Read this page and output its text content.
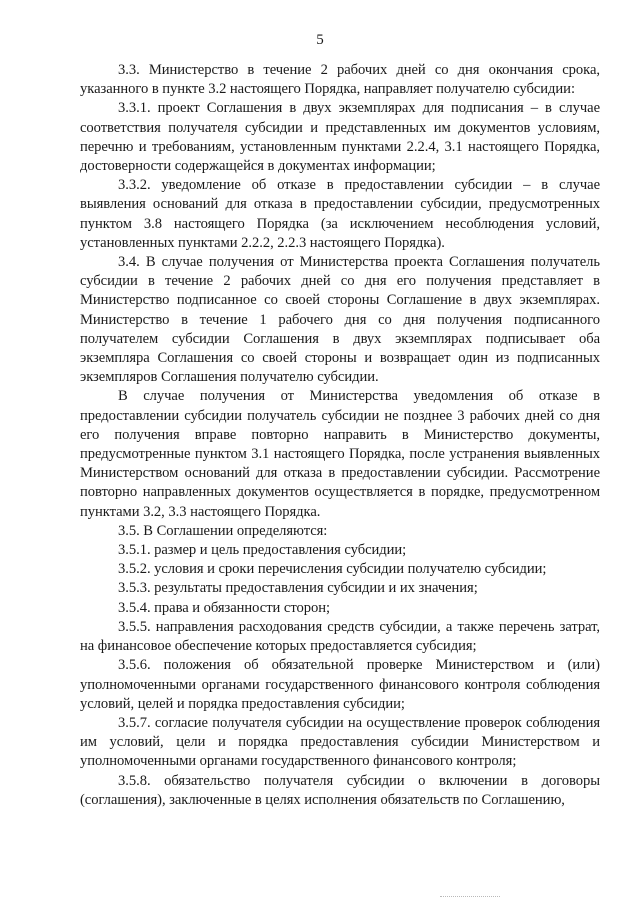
5

3.3. Министерство в течение 2 рабочих дней со дня окончания срока, указанного в пункте 3.2 настоящего Порядка, направляет получателю субсидии:

3.3.1. проект Соглашения в двух экземплярах для подписания – в случае соответствия получателя субсидии и представленных им документов условиям, перечню и требованиям, установленным пунктами 2.2.4, 3.1 настоящего Порядка, достоверности содержащейся в документах информации;

3.3.2. уведомление об отказе в предоставлении субсидии – в случае выявления оснований для отказа в предоставлении субсидии, предусмотренных пунктом 3.8 настоящего Порядка (за исключением несоблюдения условий, установленных пунктами 2.2.2, 2.2.3 настоящего Порядка).

3.4. В случае получения от Министерства проекта Соглашения получатель субсидии в течение 2 рабочих дней со дня его получения представляет в Министерство подписанное со своей стороны Соглашение в двух экземплярах. Министерство в течение 1 рабочего дня со дня получения подписанного получателем субсидии Соглашения в двух экземплярах подписывает оба экземпляра Соглашения со своей стороны и возвращает один из подписанных экземпляров Соглашения получателю субсидии.

В случае получения от Министерства уведомления об отказе в предоставлении субсидии получатель субсидии не позднее 3 рабочих дней со дня его получения вправе повторно направить в Министерство документы, предусмотренные пунктом 3.1 настоящего Порядка, после устранения выявленных Министерством оснований для отказа в предоставлении субсидии. Рассмотрение повторно направленных документов осуществляется в порядке, предусмотренном пунктами 3.2, 3.3 настоящего Порядка.

3.5. В Соглашении определяются:

3.5.1. размер и цель предоставления субсидии;

3.5.2. условия и сроки перечисления субсидии получателю субсидии;

3.5.3. результаты предоставления субсидии и их значения;

3.5.4. права и обязанности сторон;

3.5.5. направления расходования средств субсидии, а также перечень затрат, на финансовое обеспечение которых предоставляется субсидия;

3.5.6. положения об обязательной проверке Министерством и (или) уполномоченными органами государственного финансового контроля соблюдения условий, целей и порядка предоставления субсидии;

3.5.7. согласие получателя субсидии на осуществление проверок соблюдения им условий, цели и порядка предоставления субсидии Министерством и уполномоченными органами государственного финансового контроля;

3.5.8. обязательство получателя субсидии о включении в договоры (соглашения), заключенные в целях исполнения обязательств по Соглашению,
